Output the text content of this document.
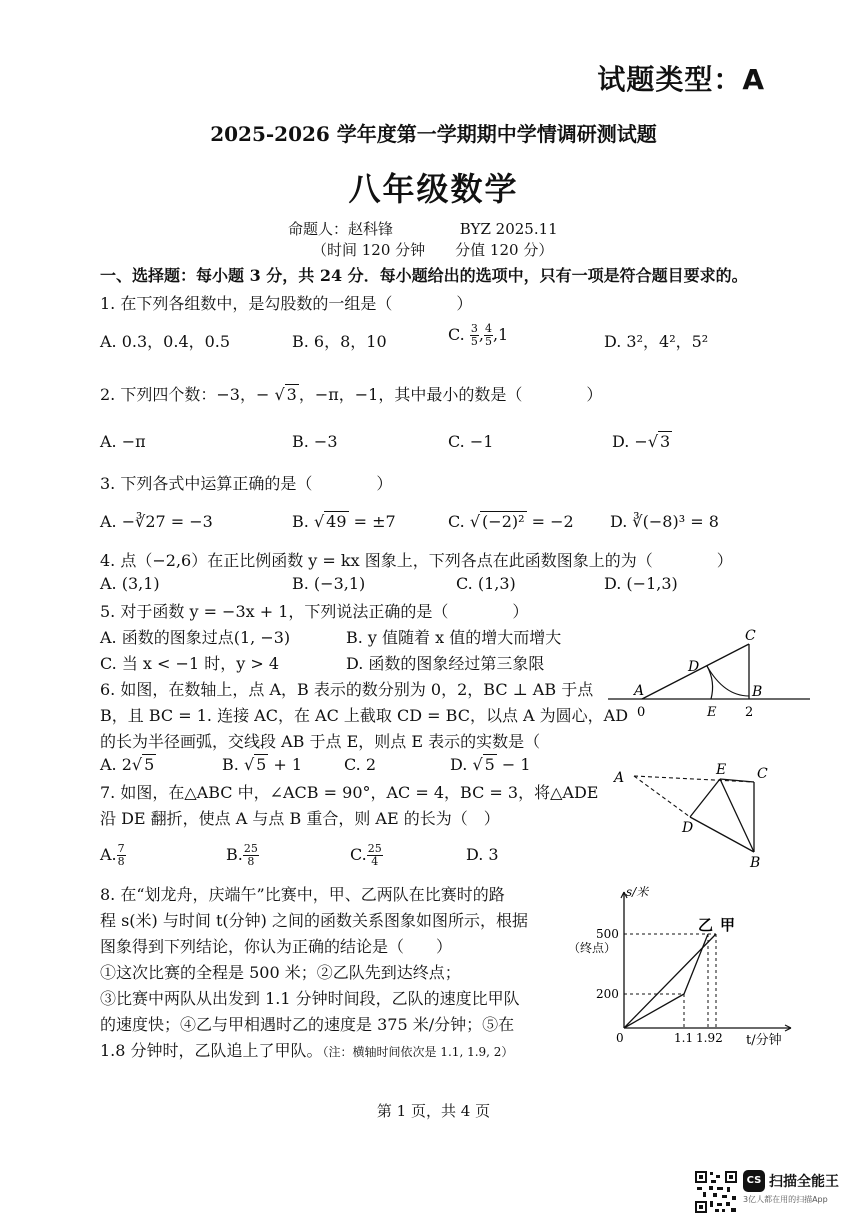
试题类型：A
2025-2026 学年度第一学期期中学情调研测试题
八年级数学
命题人：赵科锋	BYZ 2025.11
（时间 120 分钟　　分值 120 分）
一、选择题：每小题 3 分，共 24 分．每小题给出的选项中，只有一项是符合题目要求的。
1. 在下列各组数中，是勾股数的一组是（　　　　）
A. 0.3，0.4，0.5	B. 6，8，10	C. $\frac{3}{5}$ , $\frac{4}{5} ,1$	D. 3²，4²，5²
2. 下列四个数：−3，− √ 3 ，−π，−1，其中最小的数是（　　　　）
A. −π	B. −3	C. −1	D. −√ 3
3. 下列各式中运算正确的是（　　　　）
A. −∛27 = −3	B. √ 49 = ±7	C. √ (−2)² = −2 D. ∛(−8)³ = 8
4. 点（−2,6）在正比例函数 y = kx 图象上，下列各点在此函数图象上的为（　　　　）
A. (3,1)	B. (−3,1)	C. (1,3)	D. (−1,3)
5. 对于函数 y = −3x + 1，下列说法正确的是（　　　　）
A. 函数的图象过点(1, −3)	B. y 值随着 x 值的增大而增大
C. 当 x < −1 时，y > 4	D. 函数的图象经过第三象限
6. 如图，在数轴上，点 A，B 表示的数分别为 0，2，BC ⊥ AB 于点
B，且 BC = 1. 连接 AC，在 AC 上截取 CD = BC，以点 A 为圆心，AD
的长为半径画弧，交线段 AB 于点 E，则点 E 表示的实数是（
A. 2√ 5	B. √ 5 + 1	C. 2	D. √ 5 − 1
A
D
C
B
0	E 2
7. 如图，在△ABC 中，∠ACB = 90°，AC = 4，BC = 3，将△ADE
沿 DE 翻折，使点 A 与点 B 重合，则 AE 的长为（　）
A. $\frac{7}{8}$	B. $\frac{25}{8}$	C. $\frac{25}{4}$	D. 3
A	E C
D
B
8. 在“划龙舟，庆端午”比赛中，甲、乙两队在比赛时的路
程 s(米) 与时间 t(分钟) 之间的函数关系图象如图所示，根据
图象得到下列结论，你认为正确的结论是（　　）
①这次比赛的全程是 500 米；②乙队先到达终点；
③比赛中两队从出发到 1.1 分钟时间段，乙队的速度比甲队
的速度快；④乙与甲相遇时乙的速度是 375 米/分钟；⑤在
1.8 分钟时，乙队追上了甲队。（注：横轴时间依次是 1.1, 1.9, 2）
s/米
（终点）
500
200
0	1.1 1.92 t/分钟
乙 甲
第 1 页，共 4 页
CS 扫描全能王
3亿人都在用的扫描App
